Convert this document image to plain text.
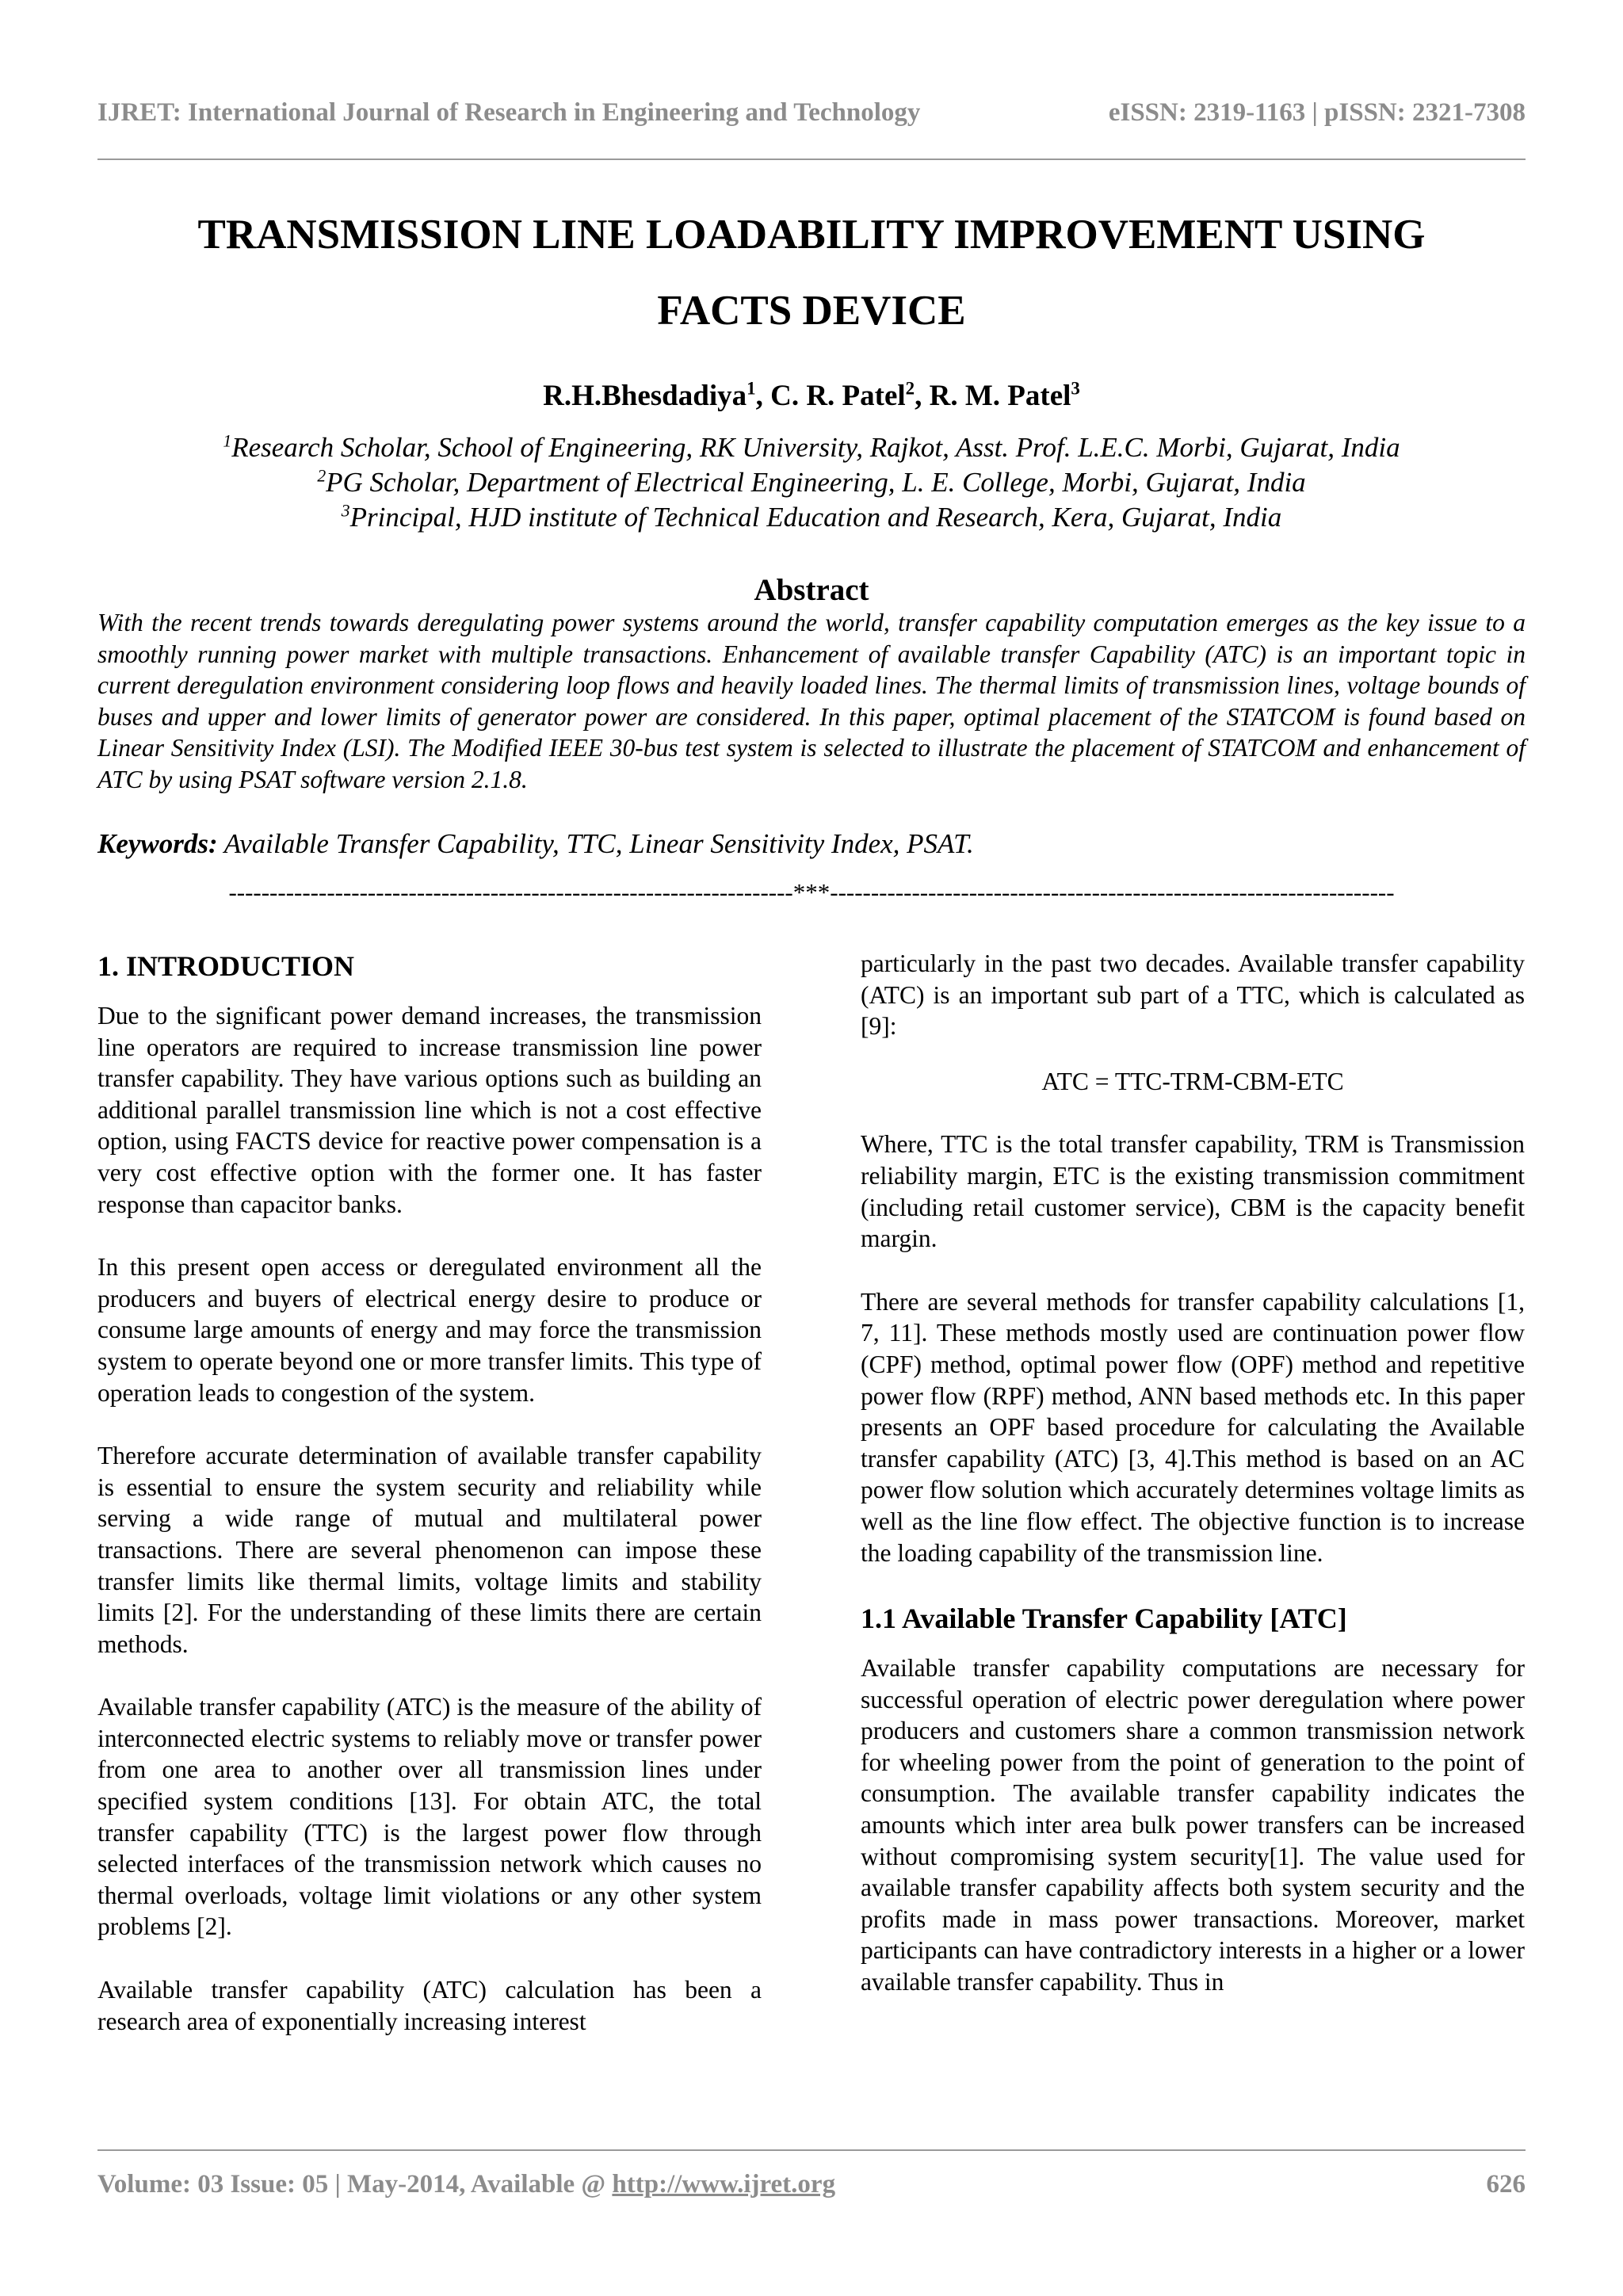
IJRET: International Journal of Research in Engineering and Technology	eISSN: 2319-1163 | pISSN: 2321-7308
TRANSMISSION LINE LOADABILITY IMPROVEMENT USING
FACTS DEVICE
R.H.Bhesdadiya$^1$, C. R. Patel$^2$, R. M. Patel$^3$
$^1$Research Scholar, School of Engineering, RK University, Rajkot, Asst. Prof. L.E.C. Morbi, Gujarat, India
$^2$PG Scholar, Department of Electrical Engineering, L. E. College, Morbi, Gujarat, India
$^3$Principal, HJD institute of Technical Education and Research, Kera, Gujarat, India
Abstract
With the recent trends towards deregulating power systems around the world, transfer capability computation emerges as the key issue to a smoothly running power market with multiple transactions. Enhancement of available transfer Capability (ATC) is an important topic in current deregulation environment considering loop flows and heavily loaded lines. The thermal limits of transmission lines, voltage bounds of buses and upper and lower limits of generator power are considered. In this paper, optimal placement of the STATCOM is found based on Linear Sensitivity Index (LSI). The Modified IEEE 30-bus test system is selected to illustrate the placement of STATCOM and enhancement of ATC by using PSAT software version 2.1.8.
Keywords: Available Transfer Capability, TTC, Linear Sensitivity Index, PSAT.
---------------------------------------------------------------------***---------------------------------------------------------------------
1. INTRODUCTION

Due to the significant power demand increases, the transmission line operators are required to increase transmission line power transfer capability. They have various options such as building an additional parallel transmission line which is not a cost effective option, using FACTS device for reactive power compensation is a very cost effective option with the former one. It has faster response than capacitor banks.

In this present open access or deregulated environment all the producers and buyers of electrical energy desire to produce or consume large amounts of energy and may force the transmission system to operate beyond one or more transfer limits. This type of operation leads to congestion of the system.

Therefore accurate determination of available transfer capability is essential to ensure the system security and reliability while serving a wide range of mutual and multilateral power transactions. There are several phenomenon can impose these transfer limits like thermal limits, voltage limits and stability limits [2]. For the understanding of these limits there are certain methods.

Available transfer capability (ATC) is the measure of the ability of interconnected electric systems to reliably move or transfer power from one area to another over all transmission lines under specified system conditions [13]. For obtain ATC, the total transfer capability (TTC) is the largest power flow through selected interfaces of the transmission network which causes no thermal overloads, voltage limit violations or any other system problems [2].

Available transfer capability (ATC) calculation has been a research area of exponentially increasing interest

particularly in the past two decades. Available transfer capability (ATC) is an important sub part of a TTC, which is calculated as [9]:

ATC = TTC-TRM-CBM-ETC

Where, TTC is the total transfer capability, TRM is Transmission reliability margin, ETC is the existing transmission commitment (including retail customer service), CBM is the capacity benefit margin.

There are several methods for transfer capability calculations [1, 7, 11]. These methods mostly used are continuation power flow (CPF) method, optimal power flow (OPF) method and repetitive power flow (RPF) method, ANN based methods etc. In this paper presents an OPF based procedure for calculating the Available transfer capability (ATC) [3, 4].This method is based on an AC power flow solution which accurately determines voltage limits as well as the line flow effect. The objective function is to increase the loading capability of the transmission line.

1.1 Available Transfer Capability [ATC]

Available transfer capability computations are necessary for successful operation of electric power deregulation where power producers and customers share a common transmission network for wheeling power from the point of generation to the point of consumption. The available transfer capability indicates the amounts which inter area bulk power transfers can be increased without compromising system security[1]. The value used for available transfer capability affects both system security and the profits made in mass power transactions. Moreover, market participants can have contradictory interests in a higher or a lower available transfer capability. Thus in

Volume: 03 Issue: 05 | May-2014, Available @ http://www.ijret.org	626
